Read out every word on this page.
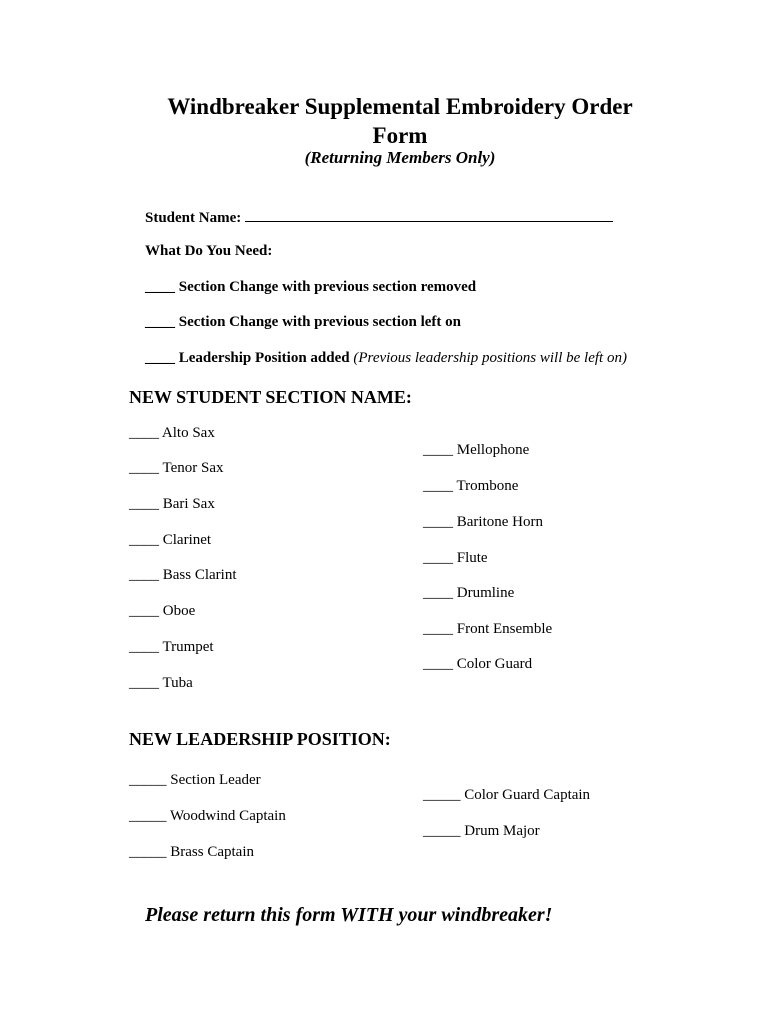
Windbreaker Supplemental Embroidery Order Form
(Returning Members Only)
Student Name:
What Do You Need:
____ Section Change with previous section removed
____ Section Change with previous section left on
____ Leadership Position added (Previous leadership positions will be left on)
NEW STUDENT SECTION NAME:
____ Alto Sax
____ Tenor Sax
____ Bari Sax
____ Clarinet
____ Bass Clarint
____ Oboe
____ Trumpet
____ Tuba
____ Mellophone
____ Trombone
____ Baritone Horn
____ Flute
____ Drumline
____ Front Ensemble
____ Color Guard
NEW LEADERSHIP POSITION:
_____ Section Leader
_____ Woodwind Captain
_____ Brass Captain
_____ Color Guard Captain
_____ Drum Major
Please return this form WITH your windbreaker!
